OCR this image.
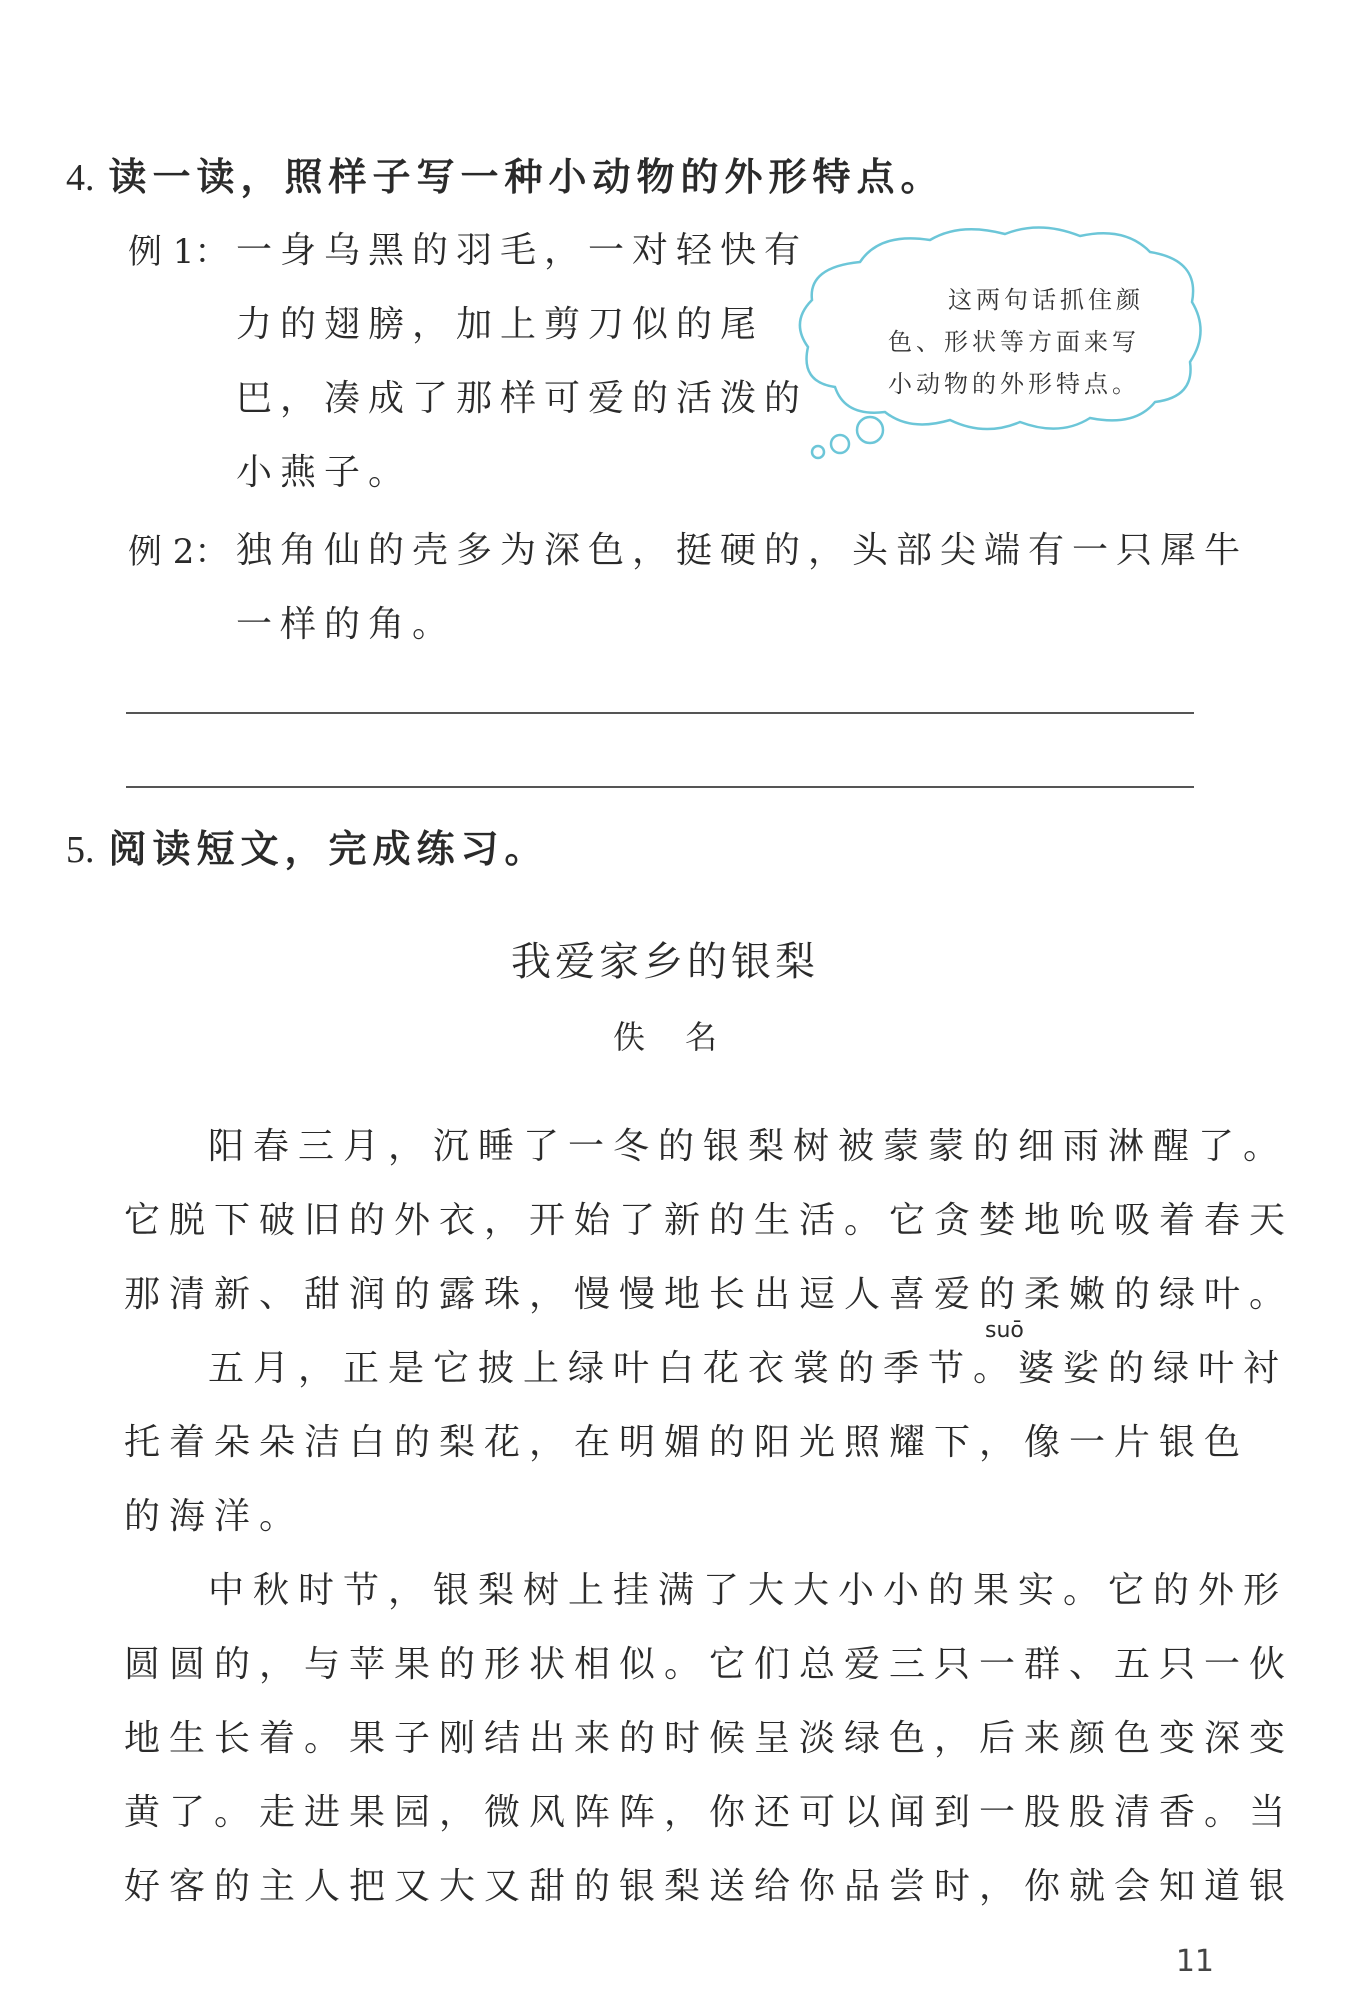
4. 读一读，照样子写一种小动物的外形特点。
例 1： 一身乌黑的羽毛，一对轻快有
力的翅膀，加上剪刀似的尾
巴，凑成了那样可爱的活泼的
小燕子。
这两句话抓住颜
色、形状等方面来写
小动物的外形特点。
例 2： 独角仙的壳多为深色，挺硬的，头部尖端有一只犀牛
一样的角。
5. 阅读短文，完成练习。
我爱家乡的银梨
佚名
阳春三月，沉睡了一冬的银梨树被蒙蒙的细雨淋醒了。
它脱下破旧的外衣，开始了新的生活。它贪婪地吮吸着春天
那清新、甜润的露珠，慢慢地长出逗人喜爱的柔嫩的绿叶。
suō
五月，正是它披上绿叶白花衣裳的季节。婆娑的绿叶衬
托着朵朵洁白的梨花，在明媚的阳光照耀下，像一片银色
的海洋。
中秋时节，银梨树上挂满了大大小小的果实。它的外形
圆圆的，与苹果的形状相似。它们总爱三只一群、五只一伙
地生长着。果子刚结出来的时候呈淡绿色，后来颜色变深变
黄了。走进果园，微风阵阵，你还可以闻到一股股清香。当
好客的主人把又大又甜的银梨送给你品尝时，你就会知道银
11
